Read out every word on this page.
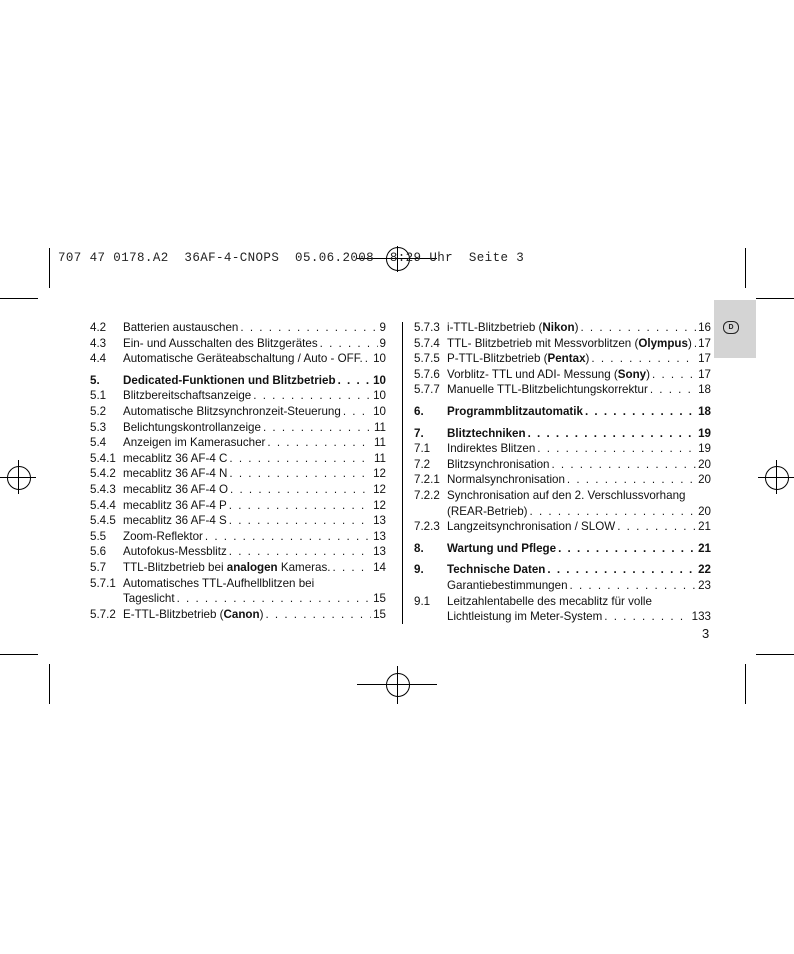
707 47 0178.A2  36AF-4-CNOPS  05.06.2008  8:29 Uhr  Seite 3
D
4.2	Batterien austauschen . . .	9
4.3	Ein- und Ausschalten des Blitzgerätes . . .	9
4.4	Automatische Geräteabschaltung / Auto - OFF. . . . 10
5.	Dedicated-Funktionen und Blitzbetrieb . . .	10
5.1	Blitzbereitschaftsanzeige . . .	10
5.2	Automatische Blitzsynchronzeit-Steuerung . . .	10
5.3	Belichtungskontrollanzeige . . .	11
5.4	Anzeigen im Kamerasucher . . .	11
5.4.1 mecablitz 36 AF-4 C . . .	11
5.4.2 mecablitz 36 AF-4 N . . .	12
5.4.3 mecablitz 36 AF-4 O . . .	12
5.4.4 mecablitz 36 AF-4 P . . .	12
5.4.5 mecablitz 36 AF-4 S . . .	13
5.5	Zoom-Reflektor . . .	13
5.6	Autofokus-Messblitz . . .	13
5.7	TTL-Blitzbetrieb bei analogen Kameras. . . .	14
5.7.1 Automatisches TTL-Aufhellblitzen bei
Tageslicht . . .	15
5.7.2 E-TTL-Blitzbetrieb (Canon) . . .	15
5.7.3 i-TTL-Blitzbetrieb (Nikon) . . .	16
5.7.4 TTL- Blitzbetrieb mit Messvorblitzen (Olympus) . . . 17
5.7.5 P-TTL-Blitzbetrieb (Pentax) . . .	17
5.7.6 Vorblitz- TTL und ADI- Messung (Sony) . . .	17
5.7.7 Manuelle TTL-Blitzbelichtungskorrektur . . .	18
6.	Programmblitzautomatik . . .	18
7.	Blitztechniken . . .	19
7.1	Indirektes Blitzen . . .	19
7.2	Blitzsynchronisation . . .	20
7.2.1 Normalsynchronisation . . .	20
7.2.2 Synchronisation auf den 2. Verschlussvorhang
(REAR-Betrieb) . . .	20
7.2.3 Langzeitsynchronisation / SLOW . . .	21
8.	Wartung und Pflege . . .	21
9.	Technische Daten . . .	22
Garantiebestimmungen . . .	23
9.1	Leitzahlentabelle des mecablitz für volle
Lichtleistung im Meter-System . . .	133
3
